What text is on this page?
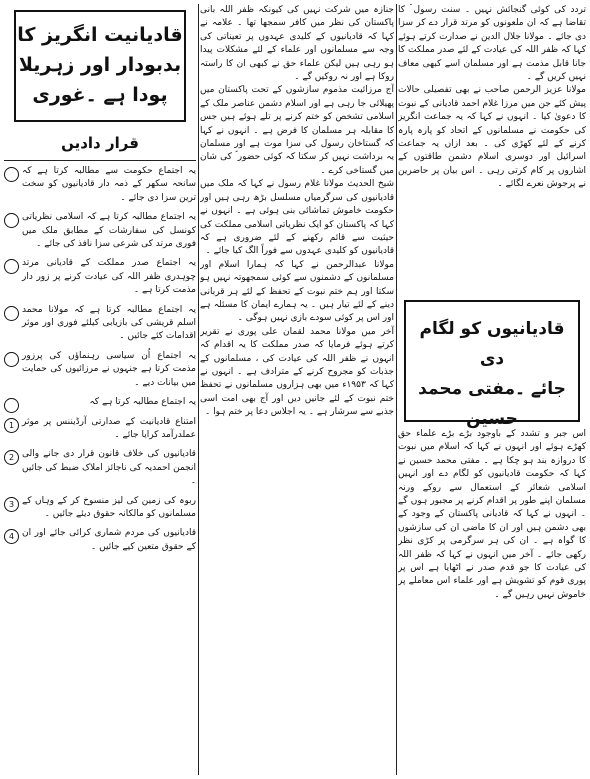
تردد کی کوئی گنجائش نہیں ۔ سنت رسول ؐ کا تقاضا ہے کہ ان ملعونوں کو مرتد قرار دے کر سزا دی جائے ۔ مولانا جلال الدین نے صدارت کرتے ہوئے کہا کہ ظفر اللہ کی عیادت کے لئے صدر مملکت کا جانا قابل مذمت ہے اور مسلمان اسے کبھی معاف نہیں کریں گے ۔

مولانا عزیز الرحمن صاحب نے بھی تفصیلی حالات پیش کئے جن میں مرزا غلام احمد قادیانی کے نبوت کا دعویٰ کیا ۔ انہوں نے کہا کہ یہ جماعت انگریز کی حکومت نے مسلمانوں کے اتحاد کو پارہ پارہ کرنے کے لئے کھڑی کی ۔ بعد ازاں یہ جماعت اسرائیل اور دوسری اسلام دشمن طاقتوں کے اشاروں پر کام کرتی رہی ۔ اس بیان پر حاضرین نے پرجوش نعرے لگائے ۔

قادیانیوں کو لگام دی

جائے ۔مفتی محمد حسین

اس جبر و تشدد کے باوجود بڑے بڑے علماء حق کھڑے ہوئے اور انہوں نے کہا کہ اسلام میں نبوت کا دروازہ بند ہو چکا ہے ۔ مفتی محمد حسین نے کہا کہ حکومت قادیانیوں کو لگام دے اور انہیں اسلامی شعائر کے استعمال سے روکے ورنہ مسلمان اپنے طور پر اقدام کرنے پر مجبور ہوں گے ۔ انہوں نے کہا کہ قادیانی پاکستان کے وجود کے بھی دشمن ہیں اور ان کا ماضی ان کی سازشوں کا گواہ ہے ۔ ان کی ہر سرگرمی پر کڑی نظر رکھی جائے ۔ آخر میں انہوں نے کہا کہ ظفر اللہ کی عیادت کا جو قدم صدر نے اٹھایا ہے اس پر پوری قوم کو تشویش ہے اور علماء اس معاملے پر خاموش نہیں رہیں گے ۔

جنازہ میں شرکت نہیں کی کیونکہ ظفر اللہ بانی پاکستان کی نظر میں کافر سمجھا تھا ۔ علامہ نے کہا کہ قادیانیوں کے کلیدی عہدوں پر تعیناتی کی وجہ سے مسلمانوں اور علماء کے لئے مشکلات پیدا ہو رہی ہیں لیکن علماء حق نے کبھی ان کا راستہ روکا ہے اور نہ روکیں گے ۔

آج مرزائیت مذموم سازشوں کے تحت پاکستان میں پھیلائی جا رہی ہے اور اسلام دشمن عناصر ملک کے اسلامی تشخص کو ختم کرنے پر تلے ہوئے ہیں جس کا مقابلہ ہر مسلمان کا فرض ہے ۔ انہوں نے کہا کہ گستاخان رسول کی سزا موت ہے اور مسلمان یہ برداشت نہیں کر سکتا کہ کوئی حضور ؐ کی شان میں گستاخی کرے ۔

شیخ الحدیث مولانا غلام رسول نے کہا کہ ملک میں قادیانیوں کی سرگرمیاں مسلسل بڑھ رہی ہیں اور حکومت خاموش تماشائی بنی ہوئی ہے ۔ انہوں نے کہا کہ پاکستان کو ایک نظریاتی اسلامی مملکت کی حیثیت سے قائم رکھنے کے لئے ضروری ہے کہ قادیانیوں کو کلیدی عہدوں سے فوراً الگ کیا جائے ۔

مولانا عبدالرحمن نے کہا کہ ہمارا اسلام اور مسلمانوں کے دشمنوں سے کوئی سمجھوتہ نہیں ہو سکتا اور ہم ختم نبوت کے تحفظ کے لئے ہر قربانی دینے کے لئے تیار ہیں ۔ یہ ہمارے ایمان کا مسئلہ ہے اور اس پر کوئی سودے بازی نہیں ہوگی ۔

آخر میں مولانا محمد لقمان علی پوری نے تقریر کرتے ہوئے فرمایا کہ صدر مملکت کا یہ اقدام کہ انہوں نے ظفر اللہ کی عیادت کی ، مسلمانوں کے جذبات کو مجروح کرنے کے مترادف ہے ۔ انہوں نے کہا کہ ۱۹۵۳ء میں بھی ہزاروں مسلمانوں نے تحفظ ختم نبوت کے لئے جانیں دیں اور آج بھی امت اسی جذبے سے سرشار ہے ۔ یہ اجلاس دعا پر ختم ہوا ۔

قادیانیت انگریز کا

بدبودار اور زہریلا

پودا ہے ۔غوری

قرار دادیں
یہ اجتماع حکومت سے مطالبہ کرتا ہے کہ سانحہ سکھر کے ذمہ دار قادیانیوں کو سخت ترین سزا دی جائے ۔
یہ اجتماع مطالبہ کرتا ہے کہ اسلامی نظریاتی کونسل کی سفارشات کے مطابق ملک میں فوری مرتد کی شرعی سزا نافذ کی جائے ۔
یہ اجتماع صدر مملکت کے قادیانی مرتد چوہدری ظفر اللہ کی عیادت کرنے پر زور دار مذمت کرتا ہے ۔
یہ اجتماع مطالبہ کرتا ہے کہ مولانا محمد اسلم قریشی کی بازیابی کیلئے فوری اور موثر اقدامات کئے جائیں ۔
یہ اجتماع اُن سیاسی رہنماؤں کی پرزور مذمت کرتا ہے جنہوں نے مرزائیوں کی حمایت میں بیانات دیے ۔
یہ اجتماع مطالبہ کرتا ہے کہ
1 امتناع قادیانیت کے صدارتی آرڈیننس پر موثر عملدرآمد کرایا جائے ۔
2 قادیانیوں کی خلاف قانون قرار دی جانے والی انجمن احمدیہ کی ناجائز املاک ضبط کی جائیں ۔
3 ربوہ کی زمین کی لیز منسوخ کر کے وہاں کے مسلمانوں کو مالکانہ حقوق دیئے جائیں ۔
4 قادیانیوں کی مردم شماری کرائی جائے اور ان کے حقوق متعین کیے جائیں ۔
